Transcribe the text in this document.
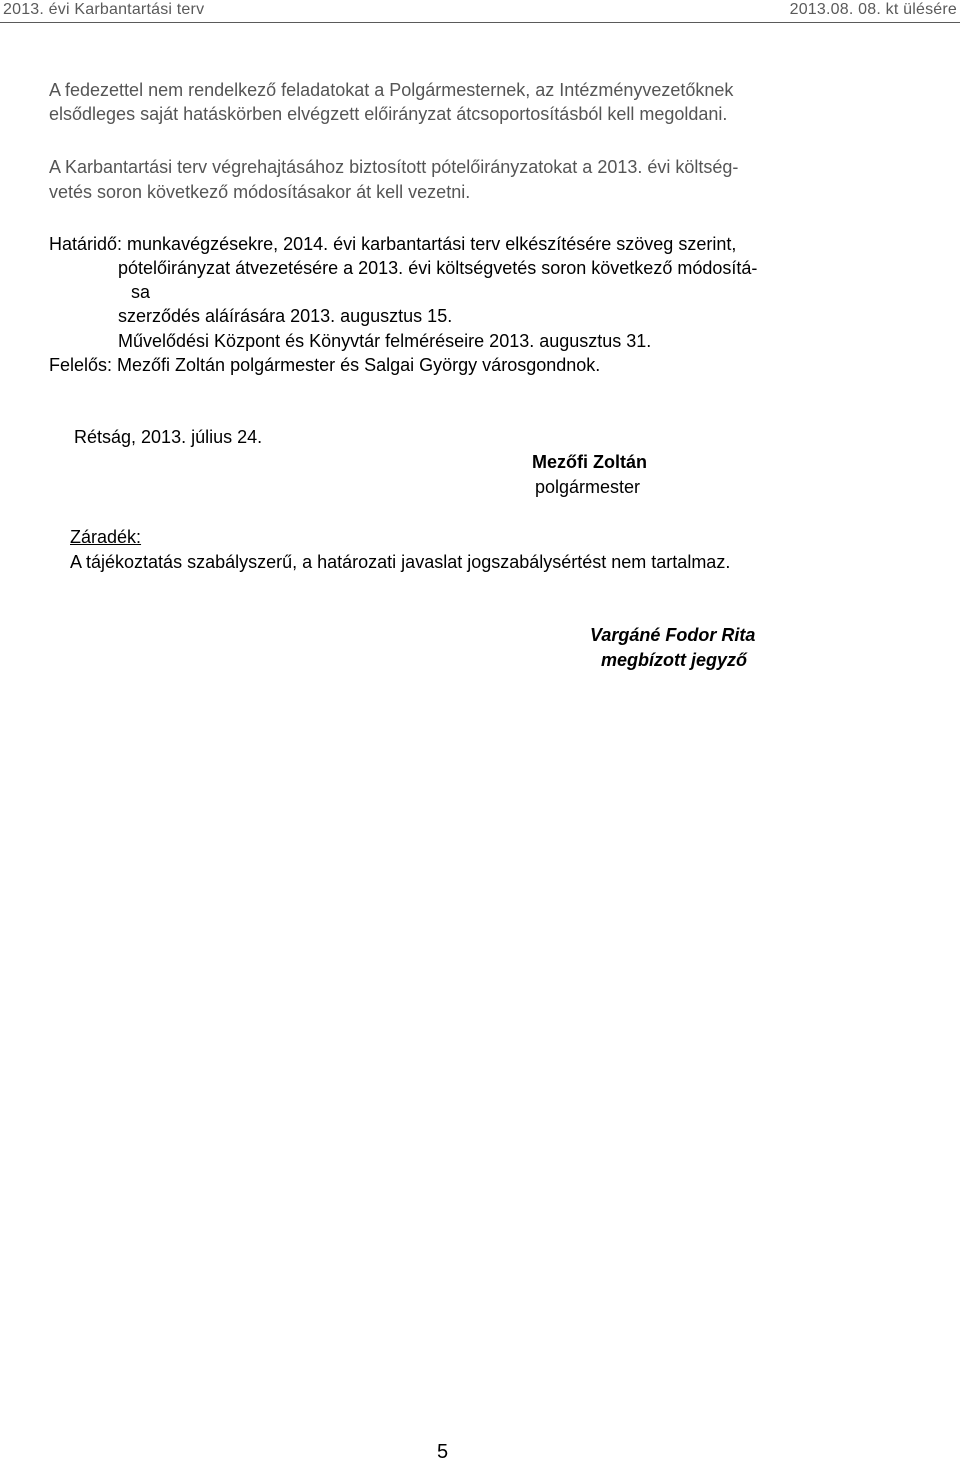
2013. évi Karbantartási terv	2013.08. 08. kt ülésére
A fedezettel nem rendelkező feladatokat a Polgármesternek, az Intézményvezetőknek
elsődleges saját hatáskörben elvégzett előirányzat átcsoportosításból kell megoldani.
A Karbantartási terv végrehajtásához biztosított pótelőirányzatokat a 2013. évi költség-
vetés soron következő módosításakor át kell vezetni.
Határidő: munkavégzésekre, 2014. évi karbantartási terv elkészítésére szöveg szerint,
pótelőirányzat átvezetésére a 2013. évi költségvetés soron következő módosítá-
sa
szerződés aláírására 2013. augusztus 15.
Művelődési Központ és Könyvtár felméréseire 2013. augusztus 31.
Felelős: Mezőfi Zoltán polgármester és Salgai György városgondnok.
Rétság, 2013. július 24.
Mezőfi Zoltán
polgármester
Záradék:
A tájékoztatás szabályszerű, a határozati javaslat jogszabálysértést nem tartalmaz.
Vargáné Fodor Rita
megbízott jegyző
5
